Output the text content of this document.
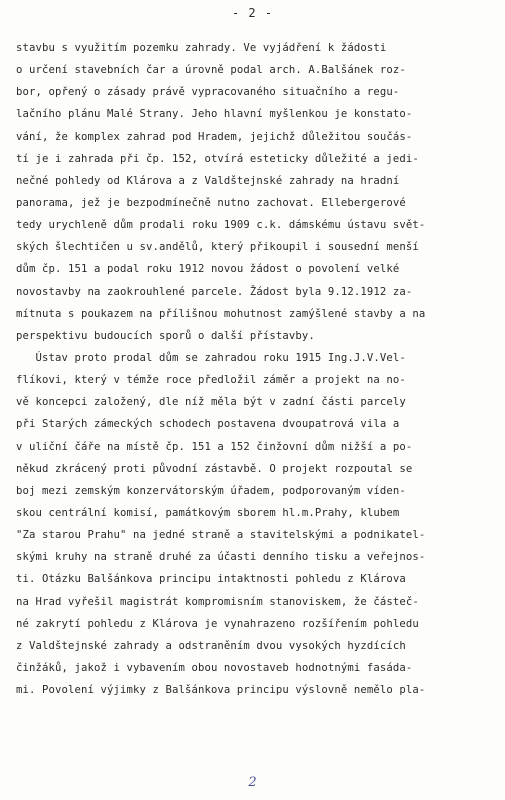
- 2 -
stavbu s využitím pozemku zahrady. Ve vyjádření k žádosti
o určení stavebních čar a úrovně podal arch. A.Balšánek roz-
bor, opřený o zásady právě vypracovaného situačního a regu-
lačního plánu Malé Strany. Jeho hlavní myšlenkou je konstato-
vání, že komplex zahrad pod Hradem, jejichž důležitou součás-
tí je i zahrada při čp. 152, otvírá esteticky důležité a jedi-
nečné pohledy od Klárova a z Valdštejnské zahrady na hradní
panorama, jež je bezpodmínečně nutno zachovat. Ellebergerové
tedy urychleně dům prodali roku 1909 c.k. dámskému ústavu svět-
ských šlechtičen u sv.andělů, který přikoupil i sousední menší
dům čp. 151 a podal roku 1912 novou žádost o povolení velké
novostavby na zaokrouhlené parcele. Žádost byla 9.12.1912 za-
mítnuta s poukazem na přílišnou mohutnost zamýšlené stavby a na
perspektivu budoucích sporů o další přístavby.
Ústav proto prodal dům se zahradou roku 1915 Ing.J.V.Vel-
flíkovi, který v témže roce předložil záměr a projekt na no-
vě koncepci založený, dle níž měla být v zadní části parcely
při Starých zámeckých schodech postavena dvoupatrová vila a
v uliční čáře na místě čp. 151 a 152 činžovní dům nižší a po-
někud zkrácený proti původní zástavbě. O projekt rozpoutal se
boj mezi zemským konzervátorským úřadem, podporovaným víden-
skou centrální komisí, památkovým sborem hl.m.Prahy, klubem
"Za starou Prahu" na jedné straně a stavitelskými a podnikatel-
skými kruhy na straně druhé za účasti denního tisku a veřejnos-
ti. Otázku Balšánkova principu intaktnosti pohledu z Klárova
na Hrad vyřešil magistrát kompromisním stanoviskem, že částeč-
né zakrytí pohledu z Klárova je vynahrazeno rozšířením pohledu
z Valdštejnské zahrady a odstraněním dvou vysokých hyzdících
činžáků, jakož i vybavením obou novostaveb hodnotnými fasáda-
mi. Povolení výjimky z Balšánkova principu výslovně nemělo pla-
2
